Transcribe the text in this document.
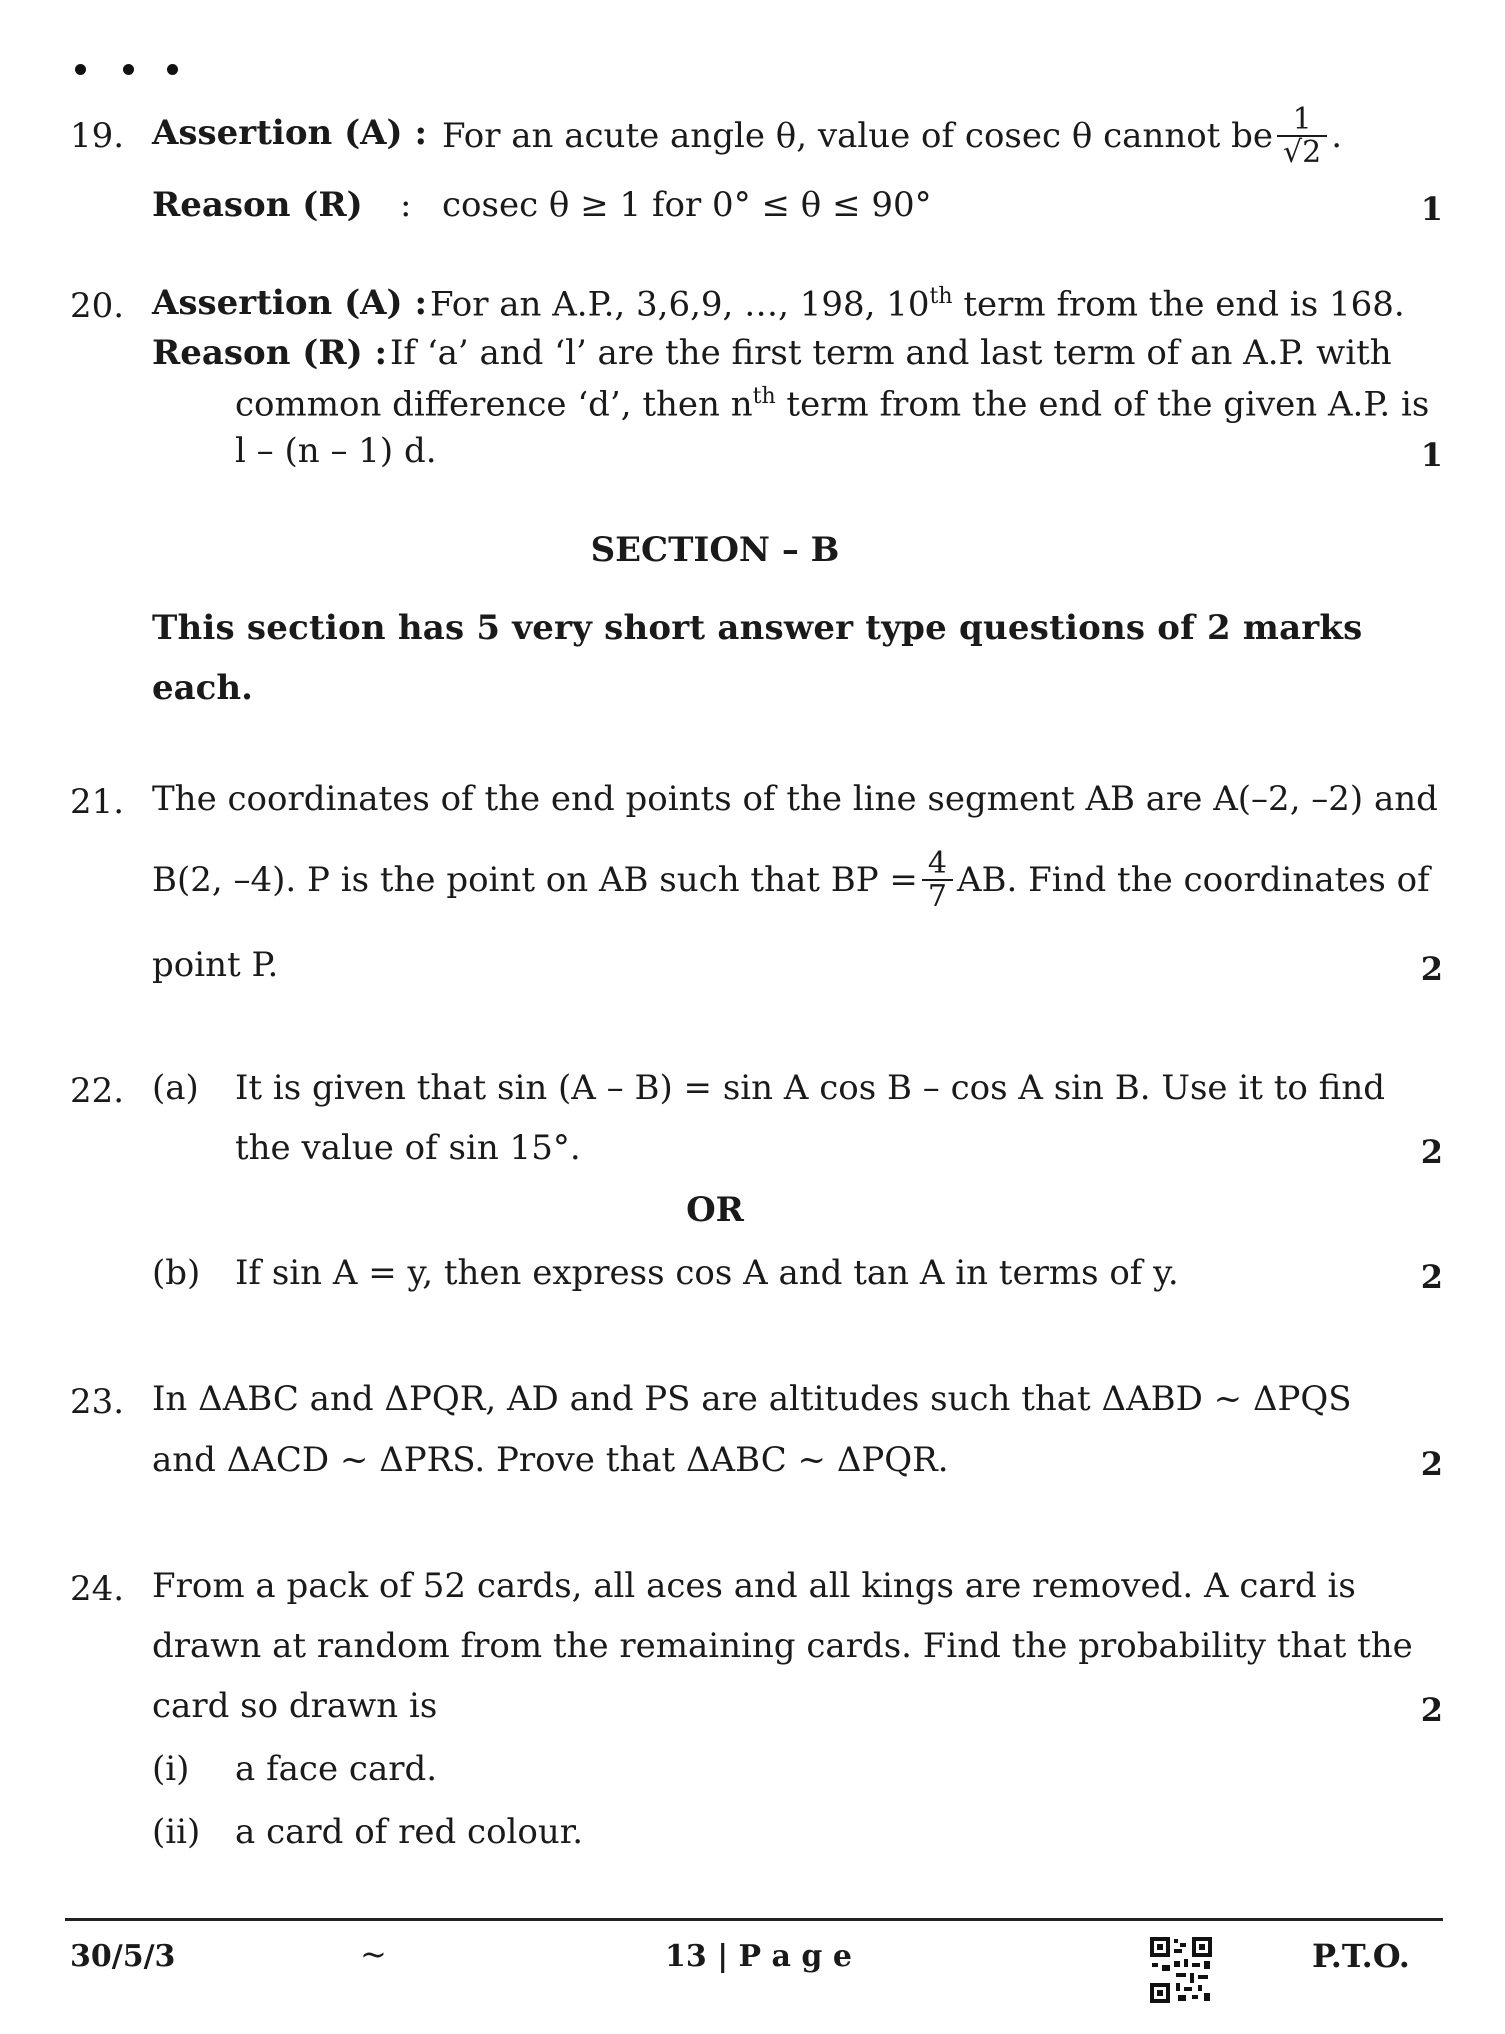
19. Assertion (A) : For an acute angle θ, value of cosec θ cannot be $\frac{1}{√2}$ .
Reason (R) : cosec θ ≥ 1 for 0° ≤ θ ≤ 90°	1
20. Assertion (A) : For an A.P., 3,6,9, …, 198, 10th term from the end is 168.
Reason (R) : If ‘a’ and ‘l’ are the first term and last term of an A.P. with
common difference ‘d’, then $n^{th}$ term from the end of the given A.P. is
l – (n – 1) d.	1
SECTION – B
This section has 5 very short answer type questions of 2 marks
each.
21. The coordinates of the end points of the line segment AB are A(–2, –2) and
B(2, –4). P is the point on AB such that BP = $\frac{4}{7}$ AB. Find the coordinates of
point P.	2
22. (a) It is given that sin (A – B) = sin A cos B – cos A sin B. Use it to find
the value of sin 15°.	2
OR
(b) If sin A = y, then express cos A and tan A in terms of y.	2
23. In ΔABC and ΔPQR, AD and PS are altitudes such that ΔABD ~ ΔPQS
and ΔACD ~ ΔPRS. Prove that ΔABC ~ ΔPQR.	2
24. From a pack of 52 cards, all aces and all kings are removed. A card is
drawn at random from the remaining cards. Find the probability that the
card so drawn is	2
(i) a face card.
(ii) a card of red colour.
30/5/3	~	13 | P a g e	P.T.O.
